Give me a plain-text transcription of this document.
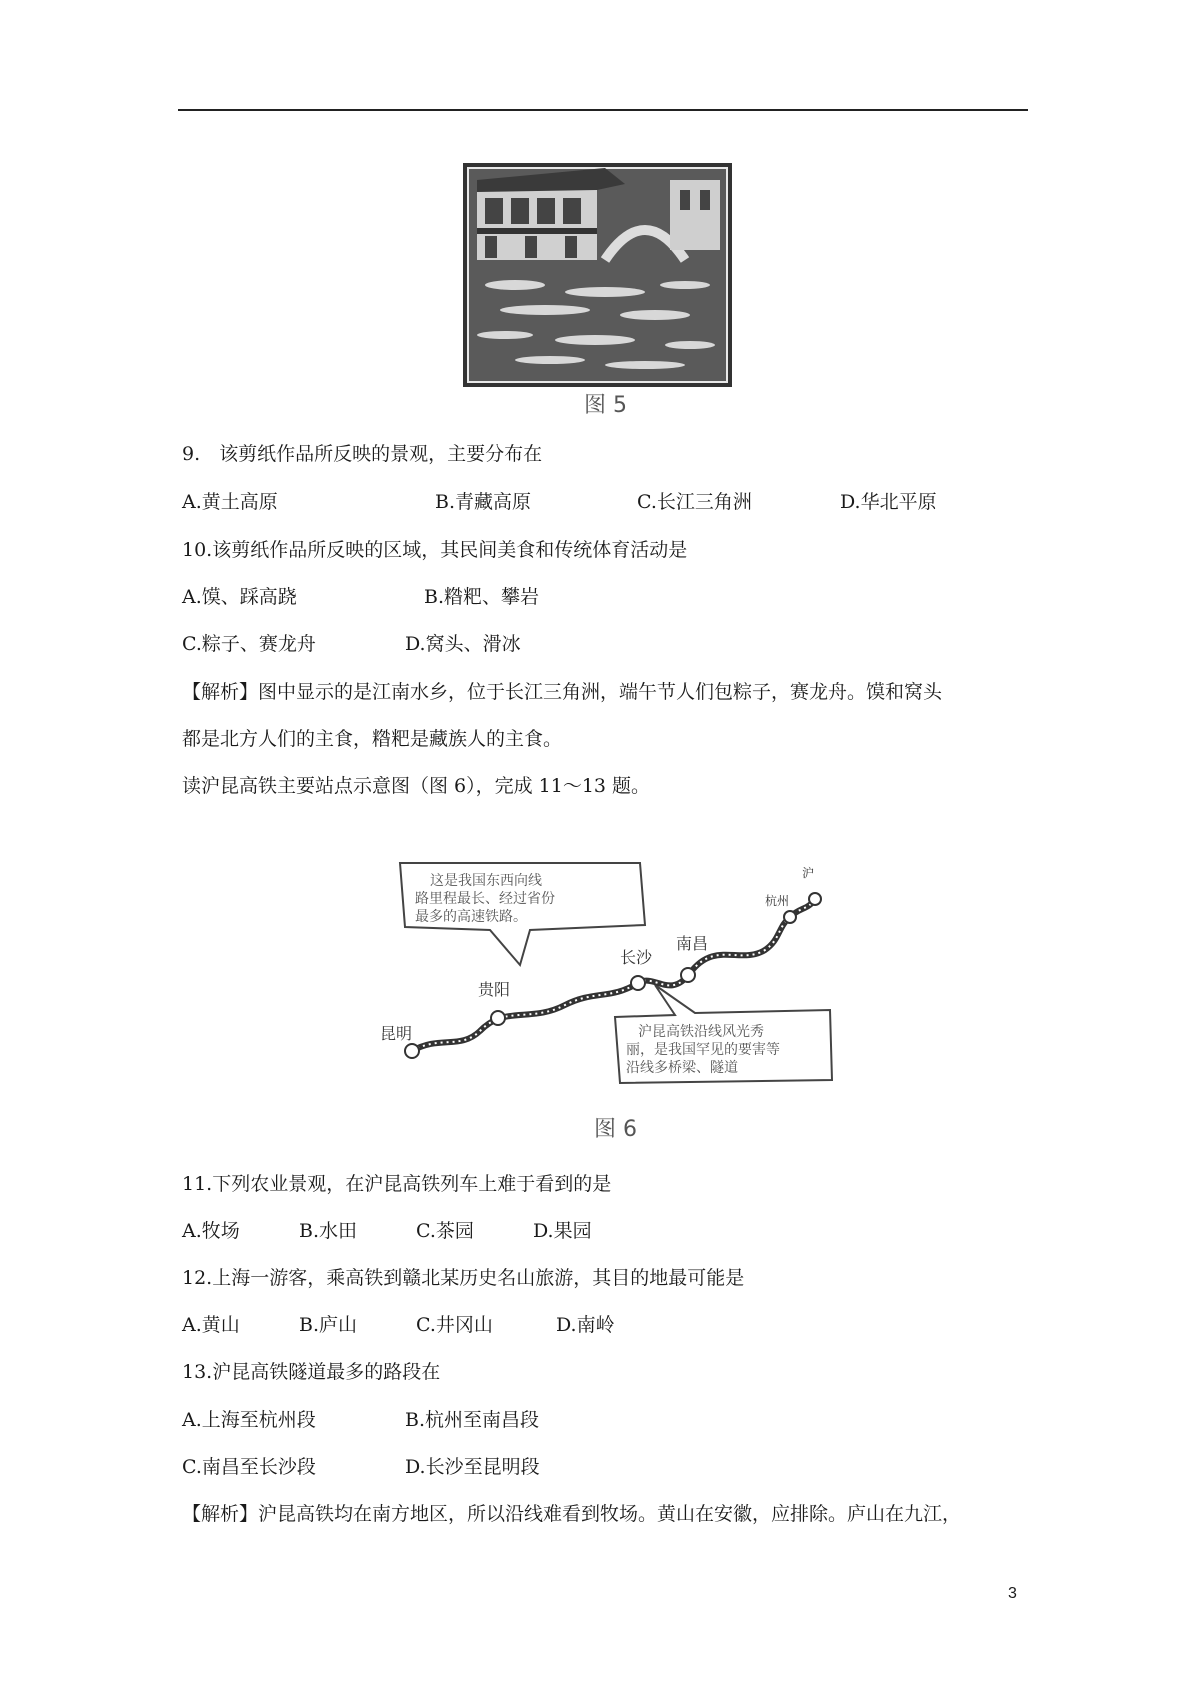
图 5
9.　该剪纸作品所反映的景观，主要分布在
A.黄土高原	B.青藏高原	C.长江三角洲	D.华北平原
10.该剪纸作品所反映的区域，其民间美食和传统体育活动是
A.馍、踩高跷	B.糌粑、攀岩
C.粽子、赛龙舟	D.窝头、滑冰
【解析】图中显示的是江南水乡，位于长江三角洲，端午节人们包粽子，赛龙舟。馍和窝头
都是北方人们的主食，糌粑是藏族人的主食。
读沪昆高铁主要站点示意图（图 6），完成 11～13 题。
这是我国东西向线
路里程最长、经过省份
最多的高速铁路。
沪昆高铁沿线风光秀
丽，是我国罕见的要害等
沿线多桥梁、隧道
昆明
贵阳
长沙
南昌
杭州
沪
图 6
11.下列农业景观，在沪昆高铁列车上难于看到的是
A.牧场	B.水田	C.茶园	D.果园
12.上海一游客，乘高铁到赣北某历史名山旅游，其目的地最可能是
A.黄山	B.庐山	C.井冈山	D.南岭
13.沪昆高铁隧道最多的路段在
A.上海至杭州段	B.杭州至南昌段
C.南昌至长沙段	D.长沙至昆明段
【解析】沪昆高铁均在南方地区，所以沿线难看到牧场。黄山在安徽，应排除。庐山在九江，
3
